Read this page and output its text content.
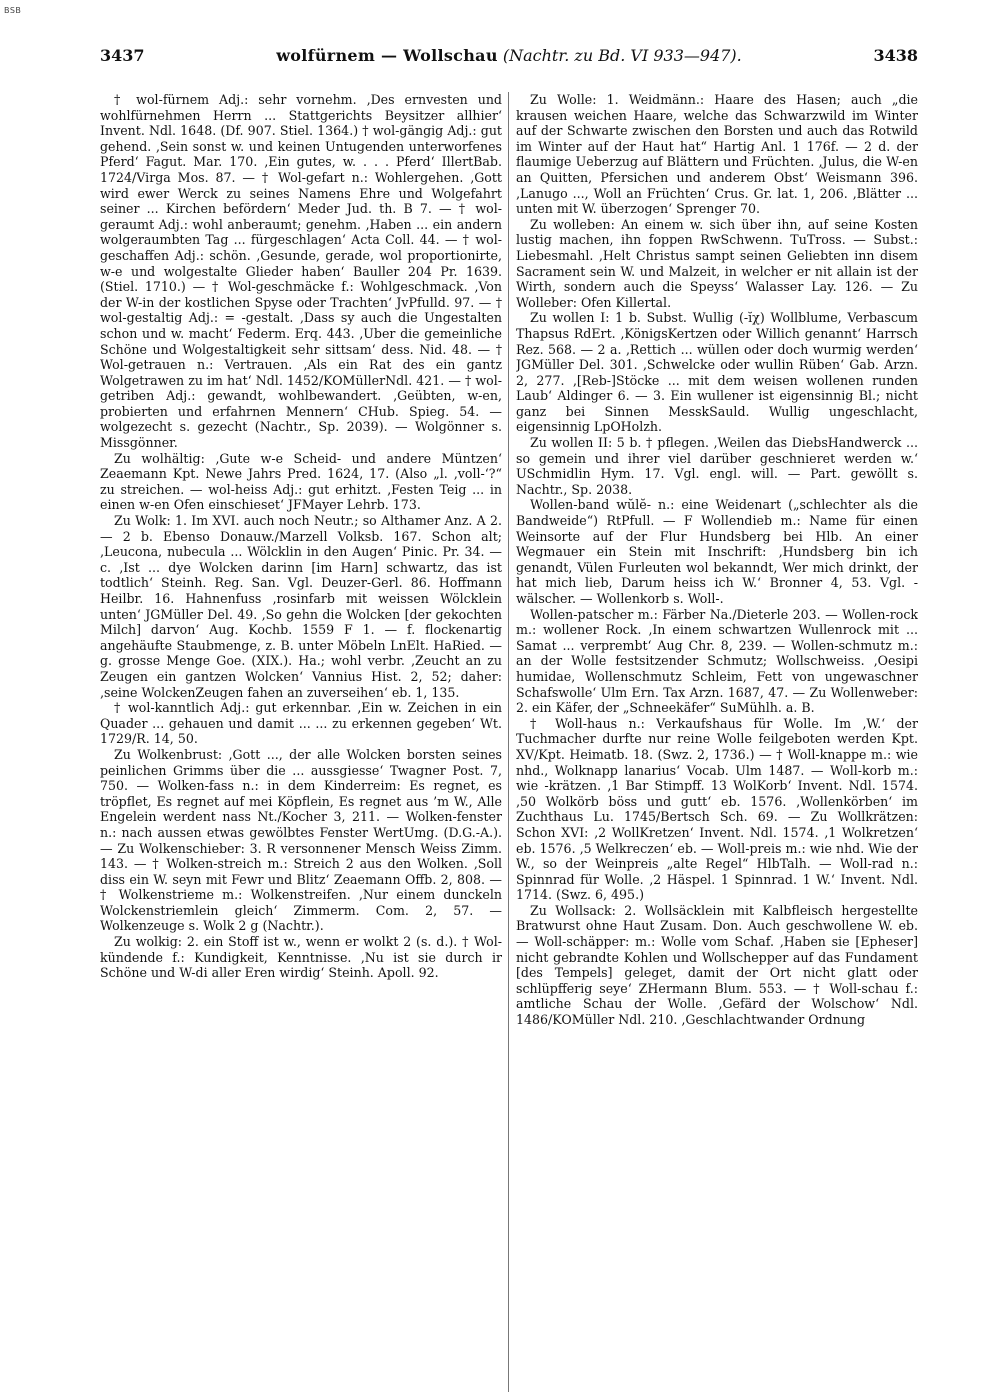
BSB
3437	wolfürnem — Wollschau (Nachtr. zu Bd. VI 933—947).	3438

† wol-fürnem Adj.: sehr vornehm. ‚Des ernvesten und wohlfürnehmen Herrn ... Stattgerichts Beysitzer allhier‘ Invent. Ndl. 1648. (Df. 907. Stiel. 1364.) † wol-gängig Adj.: gut gehend. ‚Sein sonst w. und keinen Untugenden unterworfenes Pferd‘ Fagut. Mar. 170. ‚Ein gutes, w. . . . Pferd‘ IllertBab. 1724/Virga Mos. 87. — † Wol-gefart n.: Wohlergehen. ‚Gott wird ewer Werck zu seines Namens Ehre und Wolgefahrt seiner ... Kirchen befördern‘ Meder Jud. th. B 7. — † wol-geraumt Adj.: wohl anberaumt; genehm. ‚Haben ... ein andern wolgeraumbten Tag ... fürgeschlagen‘ Acta Coll. 44. — † wol-geschaffen Adj.: schön. ‚Gesunde, gerade, wol proportionirte, w-e und wolgestalte Glieder haben‘ Bauller 204 Pr. 1639. (Stiel. 1710.) — † Wol-geschmäcke f.: Wohlgeschmack. ‚Von der W-in der kostlichen Spyse oder Trachten‘ JvPfulld. 97. — † wol-gestaltig Adj.: = -gestalt. ‚Dass sy auch die Ungestalten schon und w. macht‘ Federm. Erq. 443. ‚Uber die gemeinliche Schöne und Wolgestaltigkeit sehr sittsam‘ dess. Nid. 48. — † Wol-getrauen n.: Vertrauen. ‚Als ein Rat des ein gantz Wolgetrawen zu im hat‘ Ndl. 1452/KOMüllerNdl. 421. — † wol-getriben Adj.: gewandt, wohlbewandert. ‚Geübten, w-en, probierten und erfahrnen Mennern‘ CHub. Spieg. 54. — wolgezecht s. gezecht (Nachtr., Sp. 2039). — Wolgönner s. Missgönner.

Zu wolhältig: ‚Gute w-e Scheid- und andere Müntzen‘ Zeaemann Kpt. Newe Jahrs Pred. 1624, 17. (Also „l. ‚voll-‘?“ zu streichen. — wol-heiss Adj.: gut erhitzt. ‚Festen Teig ... in einen w-en Ofen einschieset‘ JFMayer Lehrb. 173.

Zu Wolk: 1. Im XVI. auch noch Neutr.; so Althamer Anz. A 2. — 2 b. Ebenso Donauw./Marzell Volksb. 167. Schon alt; ‚Leucona, nubecula ... Wölcklin in den Augen‘ Pinic. Pr. 34. — c. ‚Ist ... dye Wolcken darinn [im Harn] schwartz, das ist todtlich‘ Steinh. Reg. San. Vgl. Deuzer-Gerl. 86. Hoffmann Heilbr. 16. Hahnenfuss ‚rosinfarb mit weissen Wölcklein unten‘ JGMüller Del. 49. ‚So gehn die Wolcken [der gekochten Milch] darvon‘ Aug. Kochb. 1559 F 1. — f. flockenartig angehäufte Staubmenge, z. B. unter Möbeln LnElt. HaRied. — g. grosse Menge Goe. (XIX.). Ha.; wohl verbr. ‚Zeucht an zu Zeugen ein gantzen Wolcken‘ Vannius Hist. 2, 52; daher: ‚seine WolckenZeugen fahen an zuverseihen‘ eb. 1, 135.

† wol-kanntlich Adj.: gut erkennbar. ‚Ein w. Zeichen in ein Quader ... gehauen und damit ... ... zu erkennen gegeben‘ Wt. 1729/R. 14, 50.

Zu Wolkenbrust: ‚Gott ..., der alle Wolcken borsten seines peinlichen Grimms über die ... aussgiesse‘ Twagner Post. 7, 750. — Wolken-fass n.: in dem Kinderreim: Es regnet, es tröpflet, Es regnet auf mei Köpflein, Es regnet aus ’m W., Alle Engelein werdent nass Nt./Kocher 3, 211. — Wolken-fenster n.: nach aussen etwas gewölbtes Fenster WertUmg. (D.G.-A.). — Zu Wolkenschieber: 3. R versonnener Mensch Weiss Zimm. 143. — † Wolken-streich m.: Streich 2 aus den Wolken. ‚Soll diss ein W. seyn mit Fewr und Blitz‘ Zeaemann Offb. 2, 808. — † Wolkenstrieme m.: Wolkenstreifen. ‚Nur einem dunckeln Wolckenstriemlein gleich‘ Zimmerm. Com. 2, 57. — Wolkenzeuge s. Wolk 2 g (Nachtr.).

Zu wolkig: 2. ein Stoff ist w., wenn er wolkt 2 (s. d.). † Wol-kündende f.: Kundigkeit, Kenntnisse. ‚Nu ist sie durch ir Schöne und W-di aller Eren wirdig‘ Steinh. Apoll. 92.

Zu Wolle: 1. Weidmänn.: Haare des Hasen; auch „die krausen weichen Haare, welche das Schwarzwild im Winter auf der Schwarte zwischen den Borsten und auch das Rotwild im Winter auf der Haut hat“ Hartig Anl. 1 176f. — 2 d. der flaumige Ueberzug auf Blättern und Früchten. ‚Julus, die W-en an Quitten, Pfersichen und anderem Obst‘ Weismann 396. ‚Lanugo ..., Woll an Früchten‘ Crus. Gr. lat. 1, 206. ‚Blätter ... unten mit W. überzogen‘ Sprenger 70.

Zu wolleben: An einem w. sich über ihn, auf seine Kosten lustig machen, ihn foppen RwSchwenn. TuTross. — Subst.: Liebesmahl. ‚Helt Christus sampt seinen Geliebten inn disem Sacrament sein W. und Malzeit, in welcher er nit allain ist der Wirth, sondern auch die Speyss‘ Walasser Lay. 126. — Zu Wolleber: Ofen Killertal.

Zu wollen I: 1 b. Subst. Wullig (-ĭχ) Wollblume, Verbascum Thapsus RdErt. ‚KönigsKertzen oder Willich genannt‘ Harrsch Rez. 568. — 2 a. ‚Rettich ... wüllen oder doch wurmig werden‘ JGMüller Del. 301. ‚Schwelcke oder wullin Rüben‘ Gab. Arzn. 2, 277. ‚[Reb-]Stöcke ... mit dem weisen wollenen runden Laub‘ Aldinger 6. — 3. Ein wullener ist eigensinnig Bl.; nicht ganz bei Sinnen MesskSauld. Wullig ungeschlacht, eigensinnig LpOHolzh.

Zu wollen II: 5 b. † pflegen. ‚Weilen das DiebsHandwerck ... so gemein und ihrer viel darüber geschnieret werden w.‘ USchmidlin Hym. 17. Vgl. engl. will. — Part. gewöllt s. Nachtr., Sp. 2038.

Wollen-band wŭlĕ- n.: eine Weidenart („schlechter als die Bandweide“) RtPfull. — F Wollendieb m.: Name für einen Weinsorte auf der Flur Hundsberg bei Hlb. An einer Wegmauer ein Stein mit Inschrift: ‚Hundsberg bin ich genandt, Vülen Furleuten wol bekanndt, Wer mich drinkt, der hat mich lieb, Darum heiss ich W.‘ Bronner 4, 53. Vgl. -wälscher. — Wollenkorb s. Woll-.

Wollen-patscher m.: Färber Na./Dieterle 203. — Wollen-rock m.: wollener Rock. ‚In einem schwartzen Wullenrock mit ... Samat ... verprembt‘ Aug Chr. 8, 239. — Wollen-schmutz m.: an der Wolle festsitzender Schmutz; Wollschweiss. ‚Oesipi humidae, Wollenschmutz Schleim, Fett von ungewaschner Schafswolle‘ Ulm Ern. Tax Arzn. 1687, 47. — Zu Wollenweber: 2. ein Käfer, der „Schneekäfer“ SuMühlh. a. B.

† Woll-haus n.: Verkaufshaus für Wolle. Im ‚W.‘ der Tuchmacher durfte nur reine Wolle feilgeboten werden Kpt. XV/Kpt. Heimatb. 18. (Swz. 2, 1736.) — † Woll-knappe m.: wie nhd., Wolknapp lanarius‘ Vocab. Ulm 1487. — Woll-korb m.: wie -krätzen. ‚1 Bar Stimpff. 13 WolKorb‘ Invent. Ndl. 1574. ‚50 Wolkörb böss und gutt‘ eb. 1576. ‚Wollenkörben‘ im Zuchthaus Lu. 1745/Bertsch Sch. 69. — Zu Wollkrätzen: Schon XVI: ‚2 WollKretzen‘ Invent. Ndl. 1574. ‚1 Wolkretzen‘ eb. 1576. ‚5 Welkreczen‘ eb. — Woll-preis m.: wie nhd. Wie der W., so der Weinpreis „alte Regel“ HlbTalh. — Woll-rad n.: Spinnrad für Wolle. ‚2 Häspel. 1 Spinnrad. 1 W.‘ Invent. Ndl. 1714. (Swz. 6, 495.)

Zu Wollsack: 2. Wollsäcklein mit Kalbfleisch hergestellte Bratwurst ohne Haut Zusam. Don. Auch geschwollene W. eb. — Woll-schäpper: m.: Wolle vom Schaf. ‚Haben sie [Epheser] nicht gebrandte Kohlen und Wollschepper auf das Fundament [des Tempels] geleget, damit der Ort nicht glatt oder schlüpfferig seye‘ ZHermann Blum. 553. — † Woll-schau f.: amtliche Schau der Wolle. ‚Gefärd der Wolschow‘ Ndl. 1486/KOMüller Ndl. 210. ‚Geschlachtwander Ordnung
